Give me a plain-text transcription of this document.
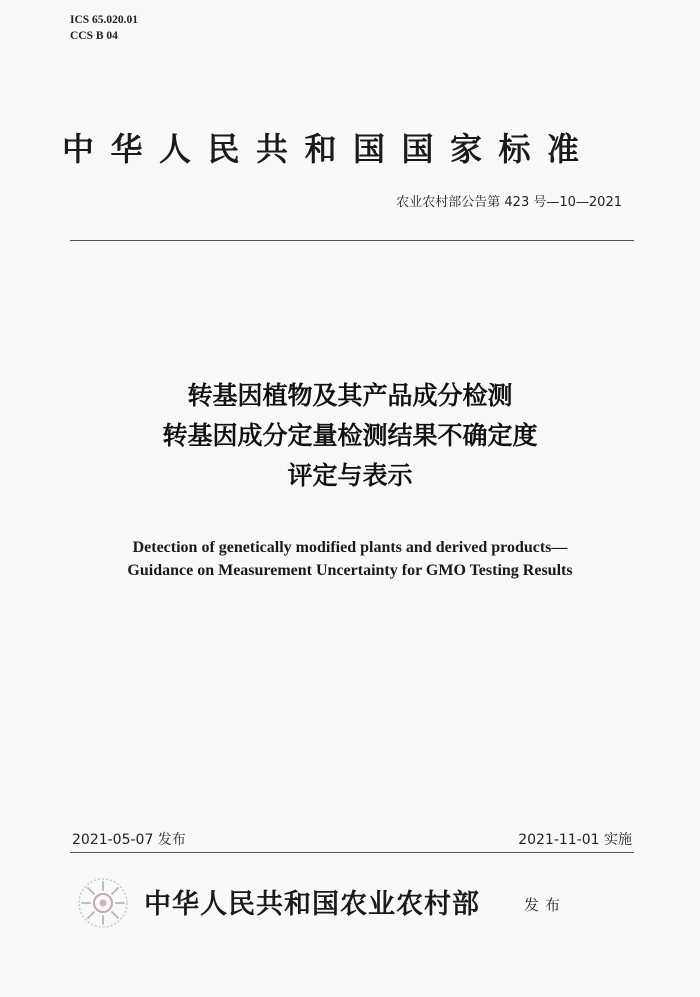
ICS 65.020.01
CCS B 04
中华人民共和国国家标准
农业农村部公告第 423 号—10—2021
转基因植物及其产品成分检测
转基因成分定量检测结果不确定度
评定与表示
Detection of genetically modified plants and derived products—
Guidance on Measurement Uncertainty for GMO Testing Results
2021-05-07 发布	2021-11-01 实施
中华人民共和国农业农村部	发布
